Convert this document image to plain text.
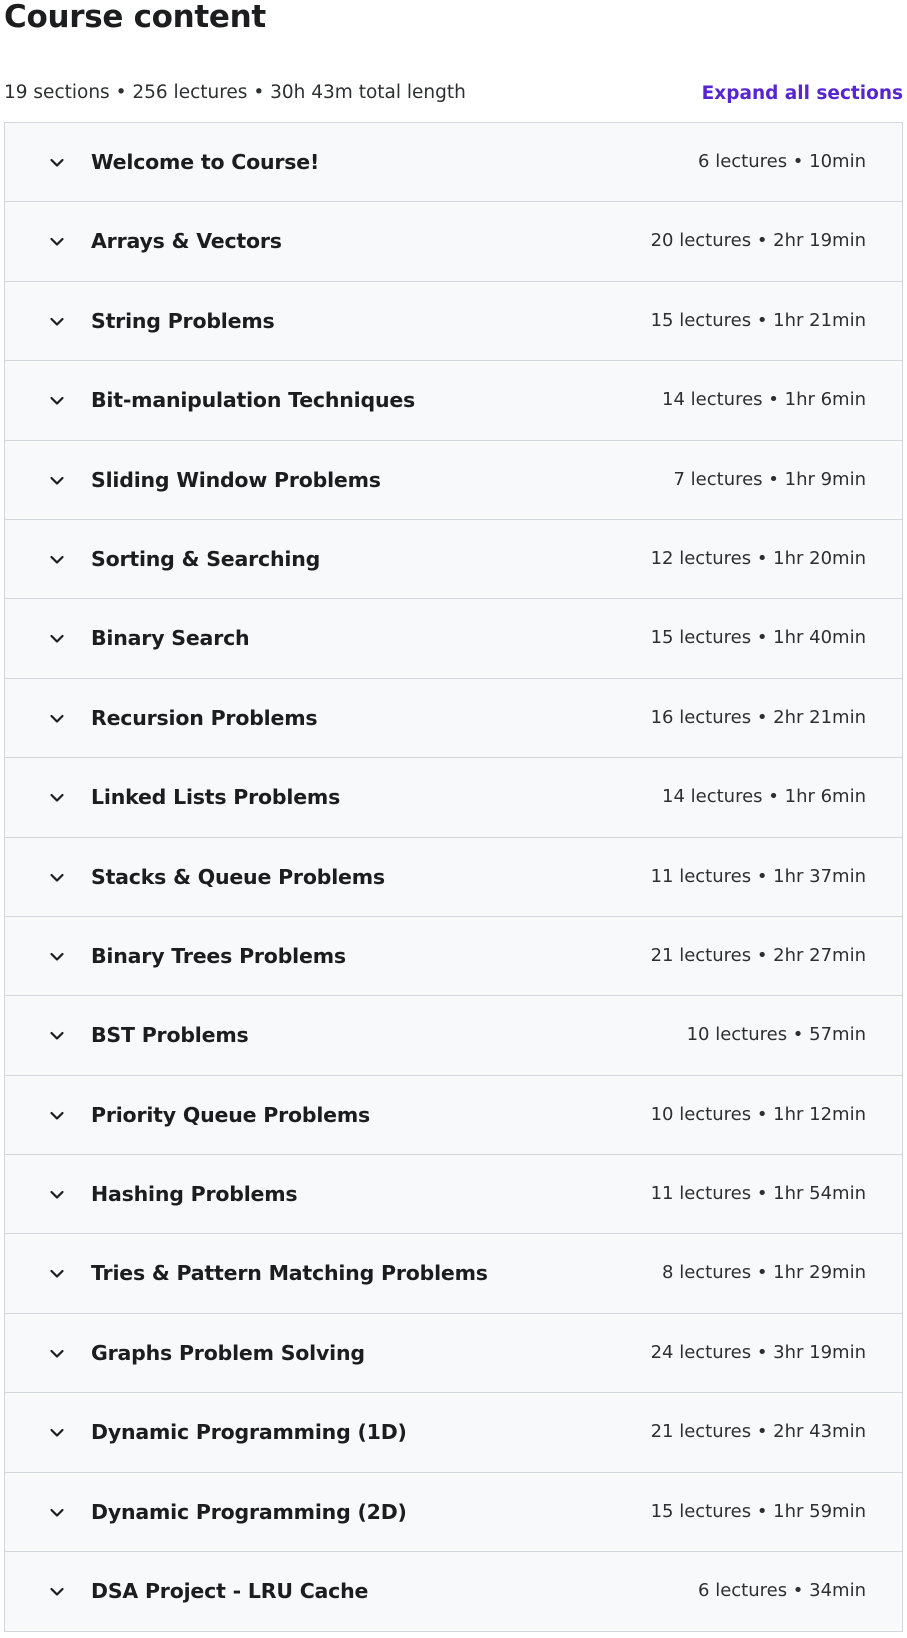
Course content
19 sections • 256 lectures • 30h 43m total length	Expand all sections
Welcome to Course!	6 lectures • 10min
Arrays & Vectors	20 lectures • 2hr 19min
String Problems	15 lectures • 1hr 21min
Bit-manipulation Techniques	14 lectures • 1hr 6min
Sliding Window Problems	7 lectures • 1hr 9min
Sorting & Searching	12 lectures • 1hr 20min
Binary Search	15 lectures • 1hr 40min
Recursion Problems	16 lectures • 2hr 21min
Linked Lists Problems	14 lectures • 1hr 6min
Stacks & Queue Problems	11 lectures • 1hr 37min
Binary Trees Problems	21 lectures • 2hr 27min
BST Problems	10 lectures • 57min
Priority Queue Problems	10 lectures • 1hr 12min
Hashing Problems	11 lectures • 1hr 54min
Tries & Pattern Matching Problems	8 lectures • 1hr 29min
Graphs Problem Solving	24 lectures • 3hr 19min
Dynamic Programming (1D)	21 lectures • 2hr 43min
Dynamic Programming (2D)	15 lectures • 1hr 59min
DSA Project - LRU Cache	6 lectures • 34min
